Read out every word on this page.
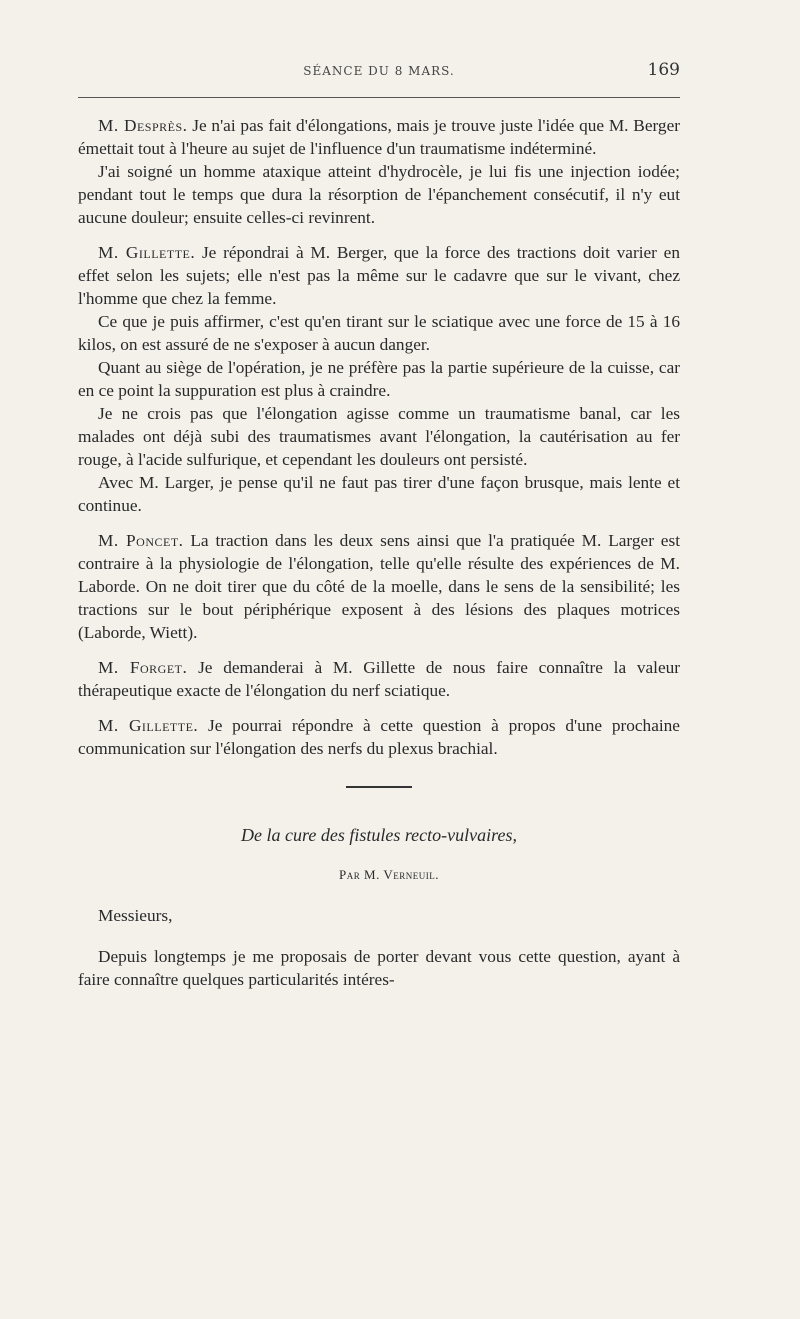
SÉANCE DU 8 MARS.	169

M. Desprès. Je n'ai pas fait d'élongations, mais je trouve juste l'idée que M. Berger émettait tout à l'heure au sujet de l'influence d'un traumatisme indéterminé.

J'ai soigné un homme ataxique atteint d'hydrocèle, je lui fis une injection iodée; pendant tout le temps que dura la résorption de l'épanchement consécutif, il n'y eut aucune douleur; ensuite celles-ci revinrent.

M. Gillette. Je répondrai à M. Berger, que la force des tractions doit varier en effet selon les sujets; elle n'est pas la même sur le cadavre que sur le vivant, chez l'homme que chez la femme.

Ce que je puis affirmer, c'est qu'en tirant sur le sciatique avec une force de 15 à 16 kilos, on est assuré de ne s'exposer à aucun danger.

Quant au siège de l'opération, je ne préfère pas la partie supérieure de la cuisse, car en ce point la suppuration est plus à craindre.

Je ne crois pas que l'élongation agisse comme un traumatisme banal, car les malades ont déjà subi des traumatismes avant l'élongation, la cautérisation au fer rouge, à l'acide sulfurique, et cependant les douleurs ont persisté.

Avec M. Larger, je pense qu'il ne faut pas tirer d'une façon brusque, mais lente et continue.

M. Poncet. La traction dans les deux sens ainsi que l'a pratiquée M. Larger est contraire à la physiologie de l'élongation, telle qu'elle résulte des expériences de M. Laborde. On ne doit tirer que du côté de la moelle, dans le sens de la sensibilité; les tractions sur le bout périphérique exposent à des lésions des plaques motrices (Laborde, Wiett).

M. Forget. Je demanderai à M. Gillette de nous faire connaître la valeur thérapeutique exacte de l'élongation du nerf sciatique.

M. Gillette. Je pourrai répondre à cette question à propos d'une prochaine communication sur l'élongation des nerfs du plexus brachial.

De la cure des fistules recto-vulvaires,

Par M. Verneuil.

Messieurs,

Depuis longtemps je me proposais de porter devant vous cette question, ayant à faire connaître quelques particularités intéres-
